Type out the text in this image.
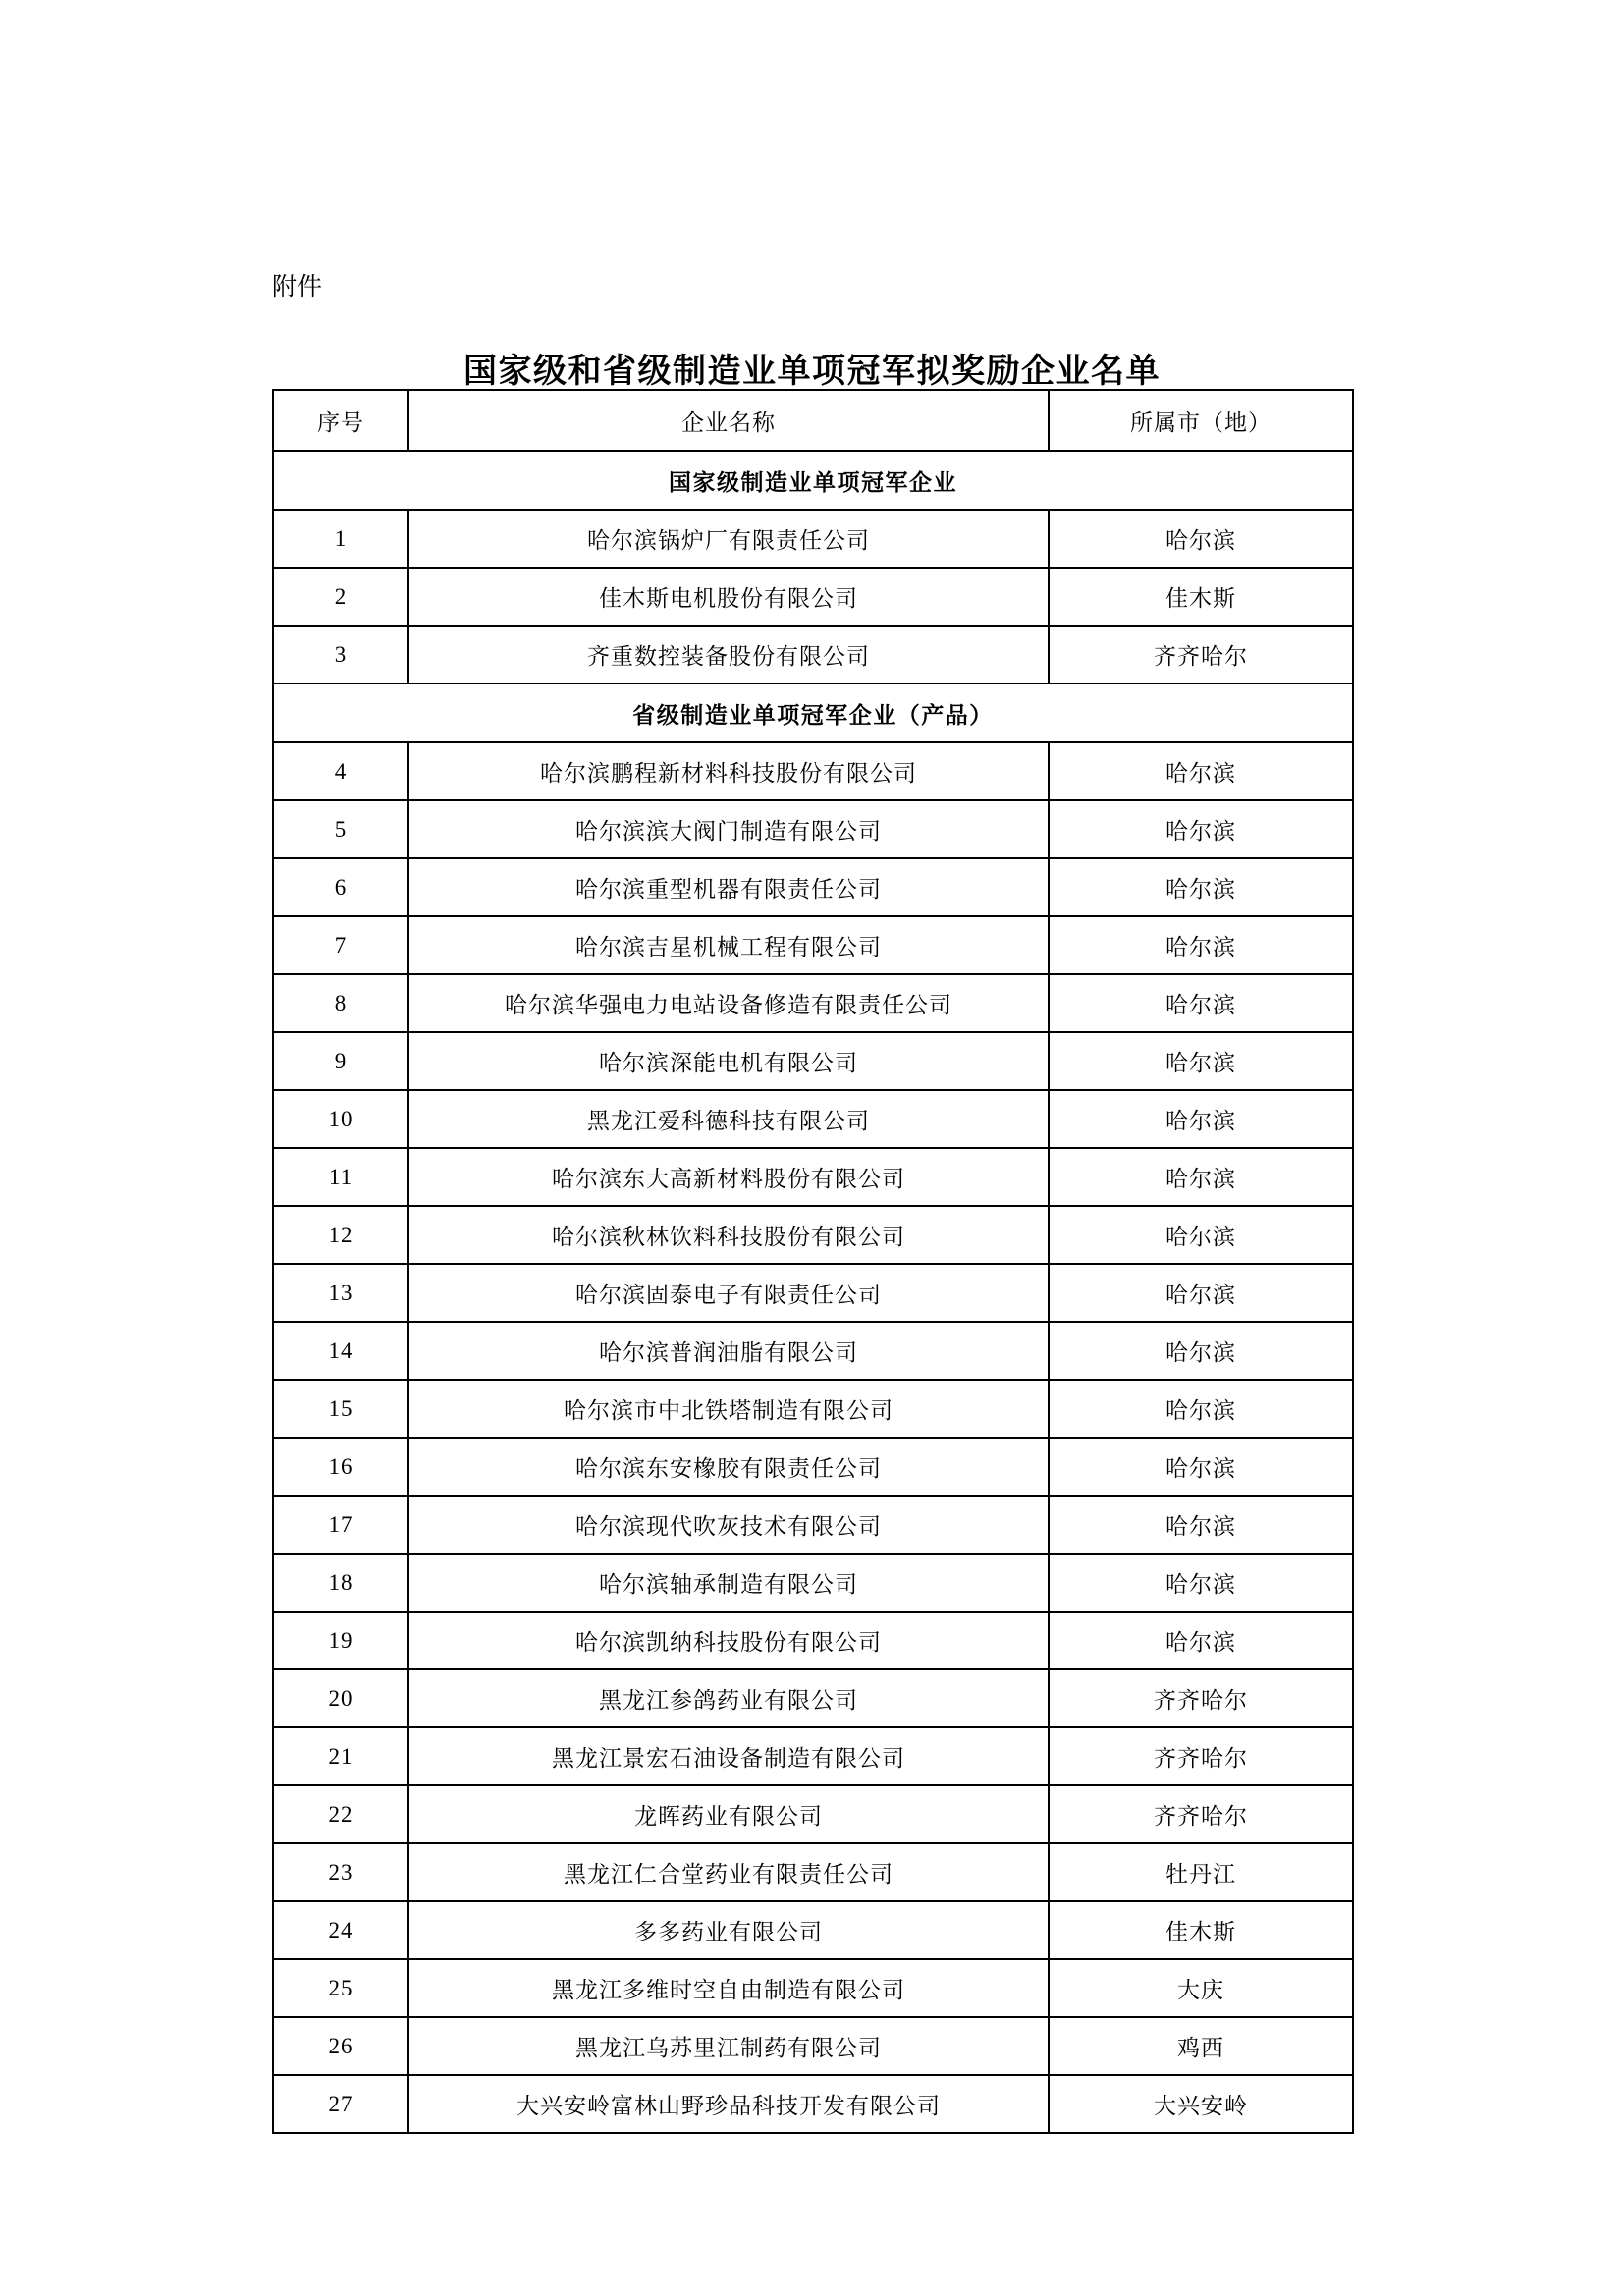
附件
国家级和省级制造业单项冠军拟奖励企业名单
序号	企业名称	所属市（地）
国家级制造业单项冠军企业		
1	哈尔滨锅炉厂有限责任公司	哈尔滨
2	佳木斯电机股份有限公司	佳木斯
3	齐重数控装备股份有限公司	齐齐哈尔
省级制造业单项冠军企业（产品）		
4	哈尔滨鹏程新材料科技股份有限公司	哈尔滨
5	哈尔滨滨大阀门制造有限公司	哈尔滨
6	哈尔滨重型机器有限责任公司	哈尔滨
7	哈尔滨吉星机械工程有限公司	哈尔滨
8	哈尔滨华强电力电站设备修造有限责任公司	哈尔滨
9	哈尔滨深能电机有限公司	哈尔滨
10	黑龙江爱科德科技有限公司	哈尔滨
11	哈尔滨东大高新材料股份有限公司	哈尔滨
12	哈尔滨秋林饮料科技股份有限公司	哈尔滨
13	哈尔滨固泰电子有限责任公司	哈尔滨
14	哈尔滨普润油脂有限公司	哈尔滨
15	哈尔滨市中北铁塔制造有限公司	哈尔滨
16	哈尔滨东安橡胶有限责任公司	哈尔滨
17	哈尔滨现代吹灰技术有限公司	哈尔滨
18	哈尔滨轴承制造有限公司	哈尔滨
19	哈尔滨凯纳科技股份有限公司	哈尔滨
20	黑龙江参鸽药业有限公司	齐齐哈尔
21	黑龙江景宏石油设备制造有限公司	齐齐哈尔
22	龙晖药业有限公司	齐齐哈尔
23	黑龙江仁合堂药业有限责任公司	牡丹江
24	多多药业有限公司	佳木斯
25	黑龙江多维时空自由制造有限公司	大庆
26	黑龙江乌苏里江制药有限公司	鸡西
27	大兴安岭富林山野珍品科技开发有限公司	大兴安岭
